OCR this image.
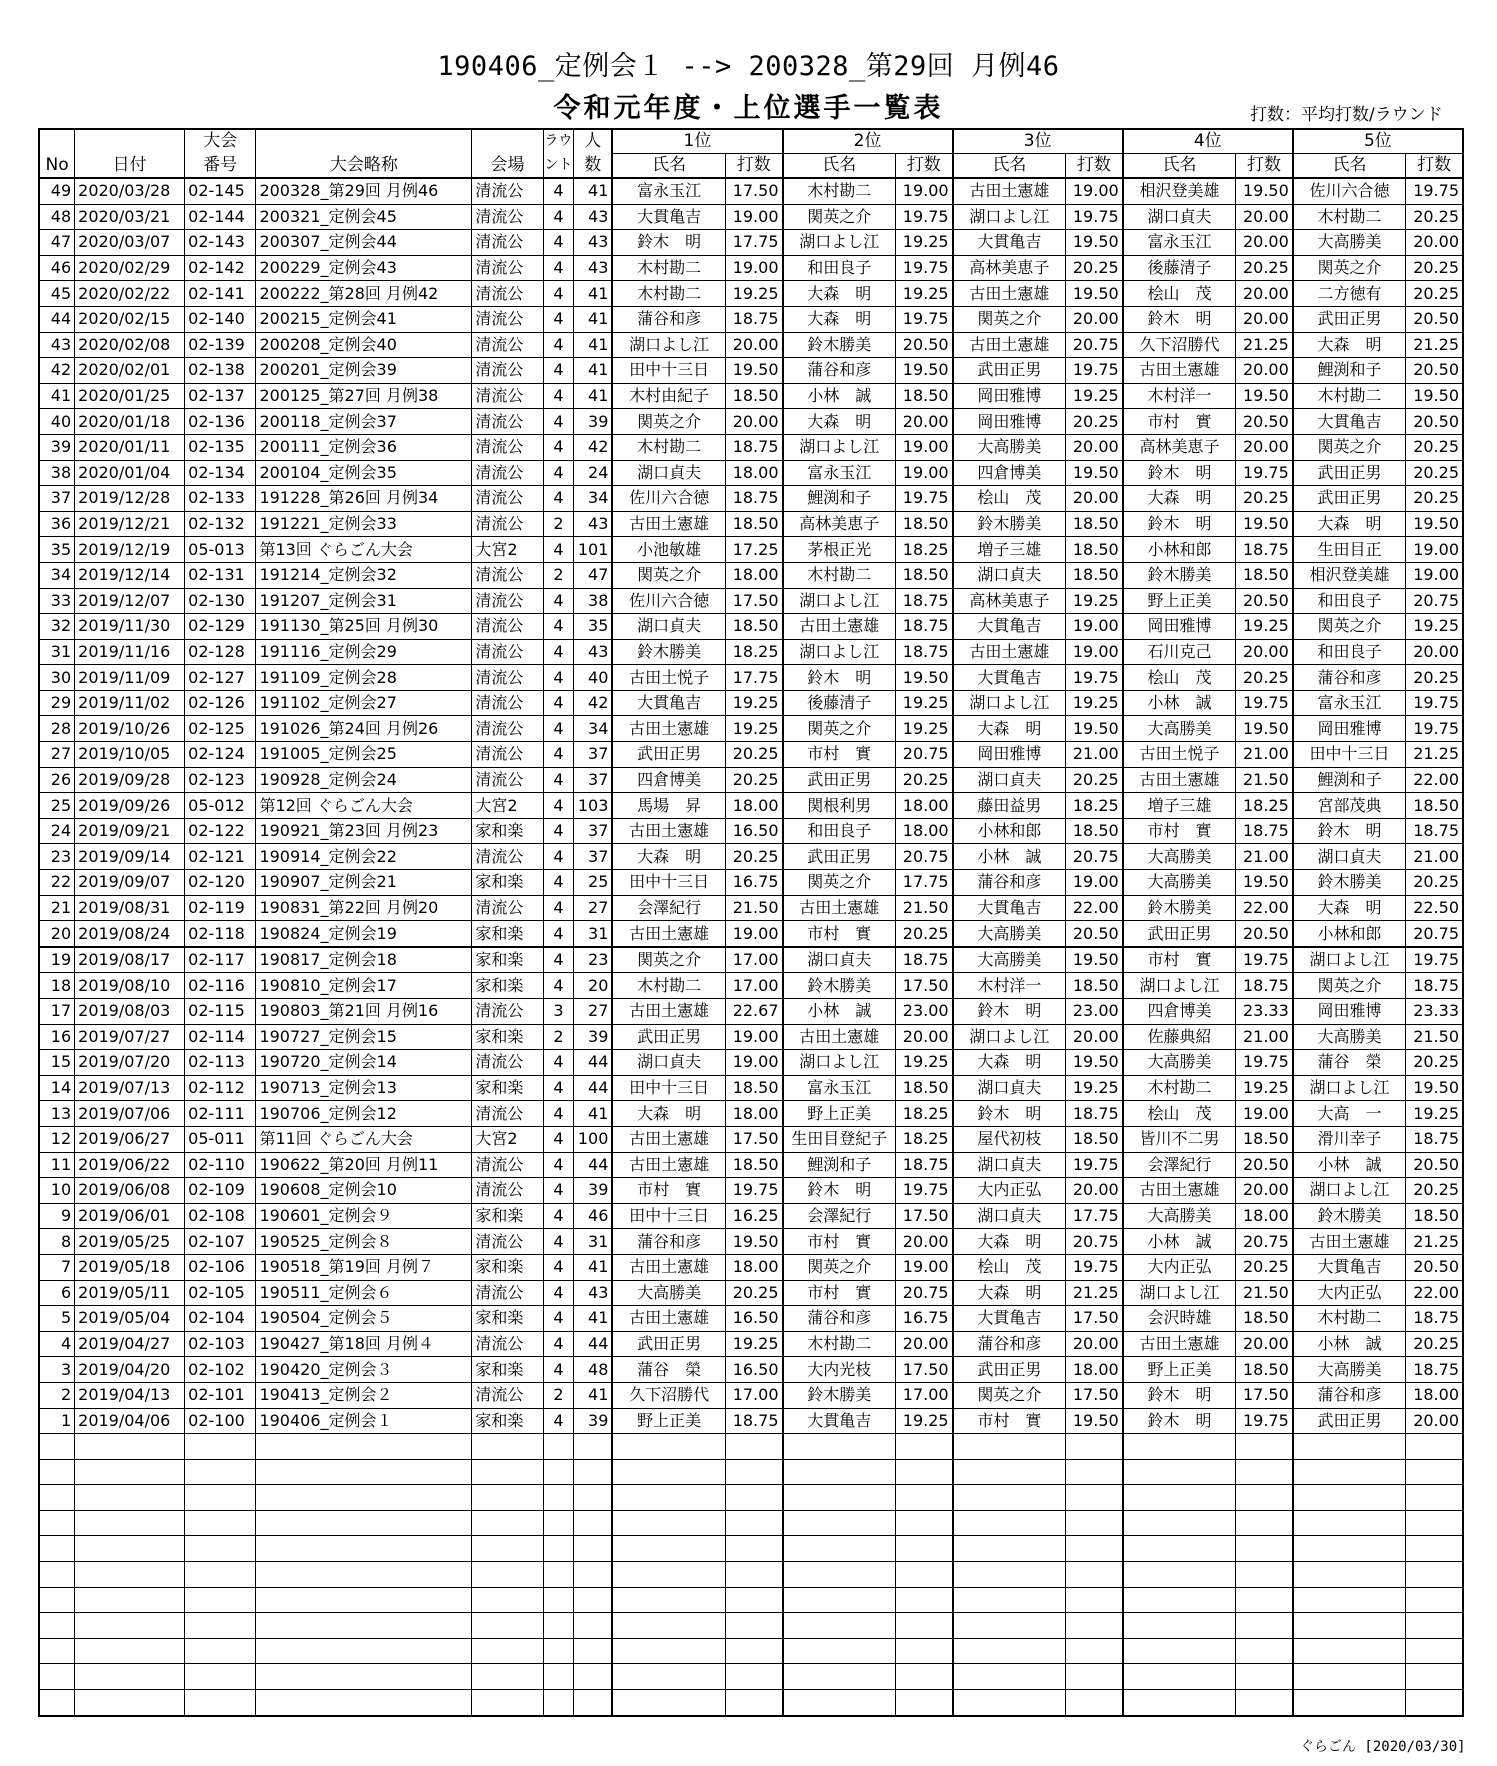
190406_定例会１ --> 200328_第29回 月例46
令和元年度・上位選手一覧表	打数：平均打数/ラウンド
No	日付	大会	大会略称	会場	ラウ	人	1位		2位		3位		4位		5位	
		番号			ント	数	氏名	打数	氏名	打数	氏名	打数	氏名	打数	氏名	打数
49	2020/03/28	02-145	200328_第29回 月例46	清流公	4	41	富永玉江	17.50	木村勘二	19.00	古田土憲雄	19.00	相沢登美雄	19.50	佐川六合徳	19.75
48	2020/03/21	02-144	200321_定例会45	清流公	4	43	大貫亀吉	19.00	関英之介	19.75	湖口よし江	19.75	湖口貞夫	20.00	木村勘二	20.25
47	2020/03/07	02-143	200307_定例会44	清流公	4	43	鈴木　明	17.75	湖口よし江	19.25	大貫亀吉	19.50	富永玉江	20.00	大高勝美	20.00
46	2020/02/29	02-142	200229_定例会43	清流公	4	43	木村勘二	19.00	和田良子	19.75	高林美恵子	20.25	後藤清子	20.25	関英之介	20.25
45	2020/02/22	02-141	200222_第28回 月例42	清流公	4	41	木村勘二	19.25	大森　明	19.25	古田土憲雄	19.50	桧山　茂	20.00	二方徳有	20.25
44	2020/02/15	02-140	200215_定例会41	清流公	4	41	蒲谷和彦	18.75	大森　明	19.75	関英之介	20.00	鈴木　明	20.00	武田正男	20.50
43	2020/02/08	02-139	200208_定例会40	清流公	4	41	湖口よし江	20.00	鈴木勝美	20.50	古田土憲雄	20.75	久下沼勝代	21.25	大森　明	21.25
42	2020/02/01	02-138	200201_定例会39	清流公	4	41	田中十三日	19.50	蒲谷和彦	19.50	武田正男	19.75	古田土憲雄	20.00	鯉渕和子	20.50
41	2020/01/25	02-137	200125_第27回 月例38	清流公	4	41	木村由紀子	18.50	小林　誠	18.50	岡田雅博	19.25	木村洋一	19.50	木村勘二	19.50
40	2020/01/18	02-136	200118_定例会37	清流公	4	39	関英之介	20.00	大森　明	20.00	岡田雅博	20.25	市村　實	20.50	大貫亀吉	20.50
39	2020/01/11	02-135	200111_定例会36	清流公	4	42	木村勘二	18.75	湖口よし江	19.00	大高勝美	20.00	高林美恵子	20.00	関英之介	20.25
38	2020/01/04	02-134	200104_定例会35	清流公	4	24	湖口貞夫	18.00	富永玉江	19.00	四倉博美	19.50	鈴木　明	19.75	武田正男	20.25
37	2019/12/28	02-133	191228_第26回 月例34	清流公	4	34	佐川六合徳	18.75	鯉渕和子	19.75	桧山　茂	20.00	大森　明	20.25	武田正男	20.25
36	2019/12/21	02-132	191221_定例会33	清流公	2	43	古田土憲雄	18.50	高林美恵子	18.50	鈴木勝美	18.50	鈴木　明	19.50	大森　明	19.50
35	2019/12/19	05-013	第13回 ぐらごん大会	大宮2	4	101	小池敏雄	17.25	茅根正光	18.25	増子三雄	18.50	小林和郎	18.75	生田目正	19.00
34	2019/12/14	02-131	191214_定例会32	清流公	2	47	関英之介	18.00	木村勘二	18.50	湖口貞夫	18.50	鈴木勝美	18.50	相沢登美雄	19.00
33	2019/12/07	02-130	191207_定例会31	清流公	4	38	佐川六合徳	17.50	湖口よし江	18.75	高林美恵子	19.25	野上正美	20.50	和田良子	20.75
32	2019/11/30	02-129	191130_第25回 月例30	清流公	4	35	湖口貞夫	18.50	古田土憲雄	18.75	大貫亀吉	19.00	岡田雅博	19.25	関英之介	19.25
31	2019/11/16	02-128	191116_定例会29	清流公	4	43	鈴木勝美	18.25	湖口よし江	18.75	古田土憲雄	19.00	石川克己	20.00	和田良子	20.00
30	2019/11/09	02-127	191109_定例会28	清流公	4	40	古田土悦子	17.75	鈴木　明	19.50	大貫亀吉	19.75	桧山　茂	20.25	蒲谷和彦	20.25
29	2019/11/02	02-126	191102_定例会27	清流公	4	42	大貫亀吉	19.25	後藤清子	19.25	湖口よし江	19.25	小林　誠	19.75	富永玉江	19.75
28	2019/10/26	02-125	191026_第24回 月例26	清流公	4	34	古田土憲雄	19.25	関英之介	19.25	大森　明	19.50	大高勝美	19.50	岡田雅博	19.75
27	2019/10/05	02-124	191005_定例会25	清流公	4	37	武田正男	20.25	市村　實	20.75	岡田雅博	21.00	古田土悦子	21.00	田中十三日	21.25
26	2019/09/28	02-123	190928_定例会24	清流公	4	37	四倉博美	20.25	武田正男	20.25	湖口貞夫	20.25	古田土憲雄	21.50	鯉渕和子	22.00
25	2019/09/26	05-012	第12回 ぐらごん大会	大宮2	4	103	馬場　昇	18.00	関根利男	18.00	藤田益男	18.25	増子三雄	18.25	宮部茂典	18.50
24	2019/09/21	02-122	190921_第23回 月例23	家和楽	4	37	古田土憲雄	16.50	和田良子	18.00	小林和郎	18.50	市村　實	18.75	鈴木　明	18.75
23	2019/09/14	02-121	190914_定例会22	清流公	4	37	大森　明	20.25	武田正男	20.75	小林　誠	20.75	大高勝美	21.00	湖口貞夫	21.00
22	2019/09/07	02-120	190907_定例会21	家和楽	4	25	田中十三日	16.75	関英之介	17.75	蒲谷和彦	19.00	大高勝美	19.50	鈴木勝美	20.25
21	2019/08/31	02-119	190831_第22回 月例20	清流公	4	27	会澤紀行	21.50	古田土憲雄	21.50	大貫亀吉	22.00	鈴木勝美	22.00	大森　明	22.50
20	2019/08/24	02-118	190824_定例会19	家和楽	4	31	古田土憲雄	19.00	市村　實	20.25	大高勝美	20.50	武田正男	20.50	小林和郎	20.75
19	2019/08/17	02-117	190817_定例会18	家和楽	4	23	関英之介	17.00	湖口貞夫	18.75	大高勝美	19.50	市村　實	19.75	湖口よし江	19.75
18	2019/08/10	02-116	190810_定例会17	家和楽	4	20	木村勘二	17.00	鈴木勝美	17.50	木村洋一	18.50	湖口よし江	18.75	関英之介	18.75
17	2019/08/03	02-115	190803_第21回 月例16	清流公	3	27	古田土憲雄	22.67	小林　誠	23.00	鈴木　明	23.00	四倉博美	23.33	岡田雅博	23.33
16	2019/07/27	02-114	190727_定例会15	家和楽	2	39	武田正男	19.00	古田土憲雄	20.00	湖口よし江	20.00	佐藤典紹	21.00	大高勝美	21.50
15	2019/07/20	02-113	190720_定例会14	清流公	4	44	湖口貞夫	19.00	湖口よし江	19.25	大森　明	19.50	大高勝美	19.75	蒲谷　榮	20.25
14	2019/07/13	02-112	190713_定例会13	家和楽	4	44	田中十三日	18.50	富永玉江	18.50	湖口貞夫	19.25	木村勘二	19.25	湖口よし江	19.50
13	2019/07/06	02-111	190706_定例会12	清流公	4	41	大森　明	18.00	野上正美	18.25	鈴木　明	18.75	桧山　茂	19.00	大高　一	19.25
12	2019/06/27	05-011	第11回 ぐらごん大会	大宮2	4	100	古田土憲雄	17.50	生田目登紀子	18.25	屋代初枝	18.50	皆川不二男	18.50	滑川幸子	18.75
11	2019/06/22	02-110	190622_第20回 月例11	清流公	4	44	古田土憲雄	18.50	鯉渕和子	18.75	湖口貞夫	19.75	会澤紀行	20.50	小林　誠	20.50
10	2019/06/08	02-109	190608_定例会10	清流公	4	39	市村　實	19.75	鈴木　明	19.75	大内正弘	20.00	古田土憲雄	20.00	湖口よし江	20.25
9	2019/06/01	02-108	190601_定例会９	家和楽	4	46	田中十三日	16.25	会澤紀行	17.50	湖口貞夫	17.75	大高勝美	18.00	鈴木勝美	18.50
8	2019/05/25	02-107	190525_定例会８	清流公	4	31	蒲谷和彦	19.50	市村　實	20.00	大森　明	20.75	小林　誠	20.75	古田土憲雄	21.25
7	2019/05/18	02-106	190518_第19回 月例７	家和楽	4	41	古田土憲雄	18.00	関英之介	19.00	桧山　茂	19.75	大内正弘	20.25	大貫亀吉	20.50
6	2019/05/11	02-105	190511_定例会６	清流公	4	43	大高勝美	20.25	市村　實	20.75	大森　明	21.25	湖口よし江	21.50	大内正弘	22.00
5	2019/05/04	02-104	190504_定例会５	家和楽	4	41	古田土憲雄	16.50	蒲谷和彦	16.75	大貫亀吉	17.50	会沢時雄	18.50	木村勘二	18.75
4	2019/04/27	02-103	190427_第18回 月例４	清流公	4	44	武田正男	19.25	木村勘二	20.00	蒲谷和彦	20.00	古田土憲雄	20.00	小林　誠	20.25
3	2019/04/20	02-102	190420_定例会３	家和楽	4	48	蒲谷　榮	16.50	大内光枝	17.50	武田正男	18.00	野上正美	18.50	大高勝美	18.75
2	2019/04/13	02-101	190413_定例会２	清流公	2	41	久下沼勝代	17.00	鈴木勝美	17.00	関英之介	17.50	鈴木　明	17.50	蒲谷和彦	18.00
1	2019/04/06	02-100	190406_定例会１	家和楽	4	39	野上正美	18.75	大貫亀吉	19.25	市村　實	19.50	鈴木　明	19.75	武田正男	20.00

ぐらごん [2020/03/30]
